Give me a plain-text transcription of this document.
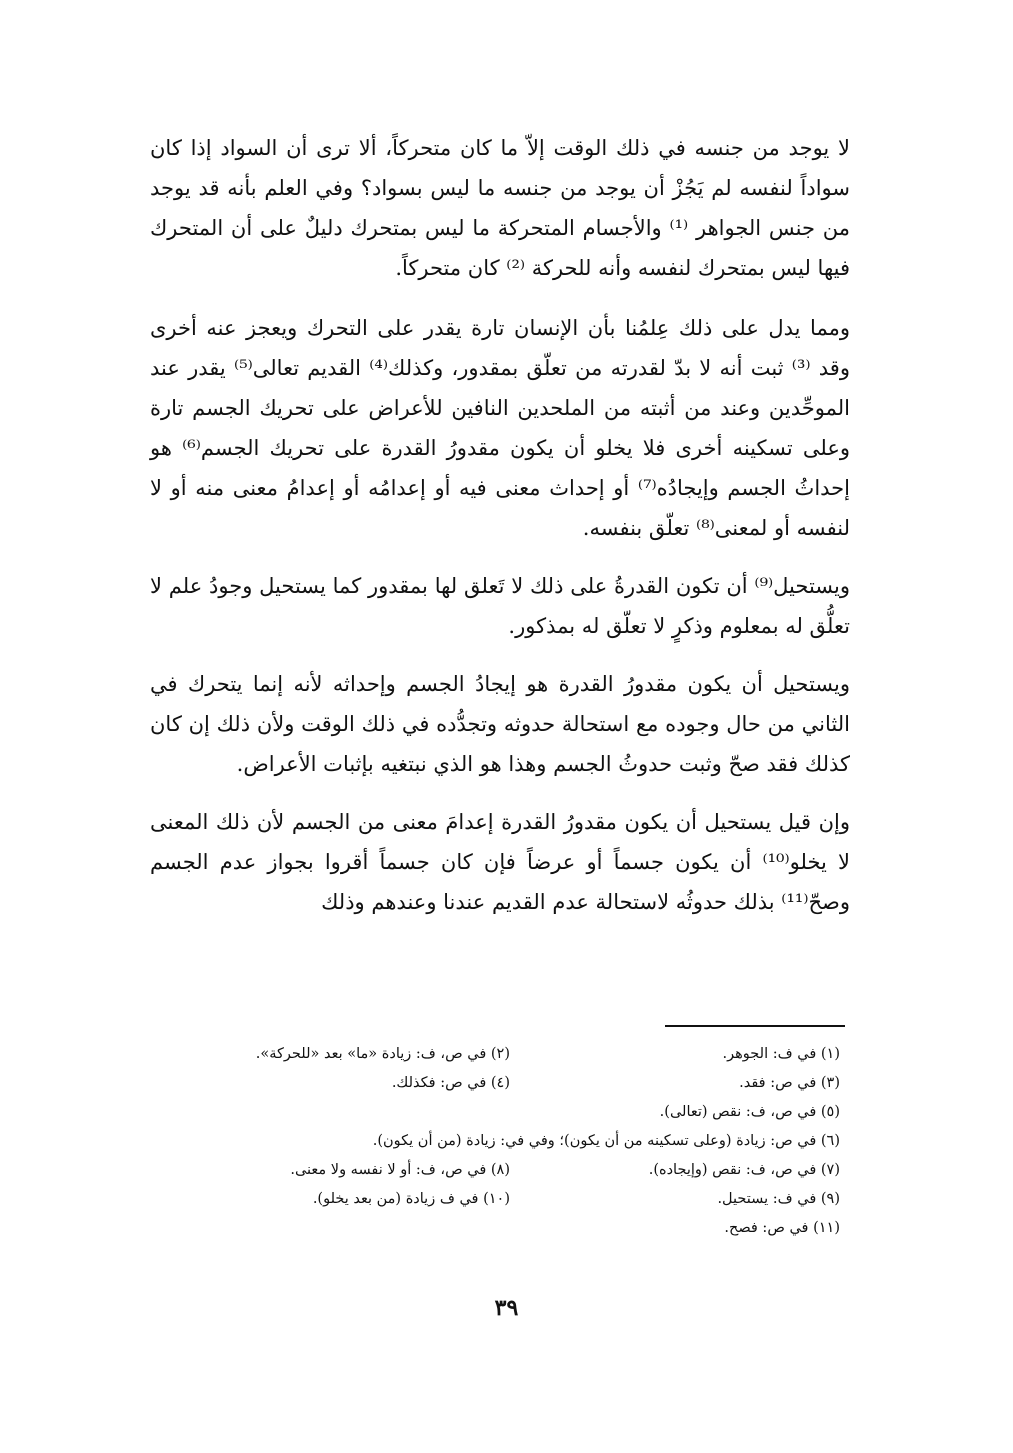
لا يوجد من جنسه في ذلك الوقت إلاّ ما كان متحركاً، ألا ترى أن السواد إذا كان سواداً لنفسه لم يَجُزْ أن يوجد من جنسه ما ليس بسواد؟ وفي العلم بأنه قد يوجد من جنس الجواهر ⁽¹⁾ والأجسام المتحركة ما ليس بمتحرك دليلٌ على أن المتحرك فيها ليس بمتحرك لنفسه وأنه للحركة ⁽²⁾ كان متحركاً.

ومما يدل على ذلك عِلمُنا بأن الإنسان تارة يقدر على التحرك ويعجز عنه أخرى وقد ⁽³⁾ ثبت أنه لا بدّ لقدرته من تعلّق بمقدور، وكذلك⁽⁴⁾ القديم تعالى⁽⁵⁾ يقدر عند الموحِّدين وعند من أثبته من الملحدين النافين للأعراض على تحريك الجسم تارة وعلى تسكينه أخرى فلا يخلو أن يكون مقدورُ القدرة على تحريك الجسم⁽⁶⁾ هو إحداثُ الجسم وإيجادُه⁽⁷⁾ أو إحداث معنى فيه أو إعدامُه أو إعدامُ معنى منه أو لا لنفسه أو لمعنى⁽⁸⁾ تعلّق بنفسه.

ويستحيل⁽⁹⁾ أن تكون القدرةُ على ذلك لا تَعلق لها بمقدور كما يستحيل وجودُ علم لا تعلُّق له بمعلوم وذكرٍ لا تعلّق له بمذكور.

ويستحيل أن يكون مقدورُ القدرة هو إيجادُ الجسم وإحداثه لأنه إنما يتحرك في الثاني من حال وجوده مع استحالة حدوثه وتجدُّده في ذلك الوقت ولأن ذلك إن كان كذلك فقد صحّ وثبت حدوثُ الجسم وهذا هو الذي نبتغيه بإثبات الأعراض.

وإن قيل يستحيل أن يكون مقدورُ القدرة إعدامَ معنى من الجسم لأن ذلك المعنى لا يخلو⁽¹⁰⁾ أن يكون جسماً أو عرضاً فإن كان جسماً أقروا بجواز عدم الجسم وصحّ⁽¹¹⁾ بذلك حدوثُه لاستحالة عدم القديم عندنا وعندهم وذلك

(١) في ف: الجوهر.
(٢) في ص، ف: زيادة «ما» بعد «للحركة».
(٣) في ص: فقد.
(٤) في ص: فكذلك.
(٥) في ص، ف: نقص (تعالى).
(٦) في ص: زيادة (وعلى تسكينه من أن يكون)؛ وفي في: زيادة (من أن يكون).
(٧) في ص، ف: نقص (وإيجاده).
(٨) في ص، ف: أو لا نفسه ولا معنى.
(٩) في ف: يستحيل.
(١٠) في ف زيادة (من بعد يخلو).
(١١) في ص: فصح.
٣٩
